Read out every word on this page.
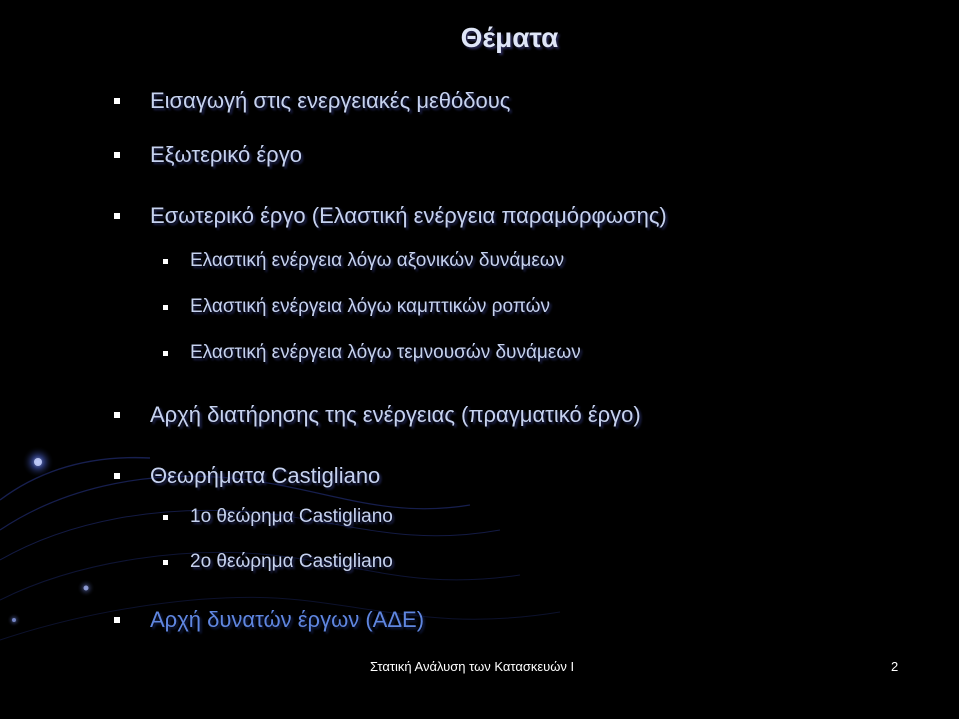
Θέματα
Εισαγωγή στις ενεργειακές μεθόδους
Εξωτερικό έργο
Εσωτερικό έργο (Ελαστική ενέργεια παραμόρφωσης)
Ελαστική ενέργεια λόγω αξονικών δυνάμεων
Ελαστική ενέργεια λόγω καμπτικών ροπών
Ελαστική ενέργεια λόγω τεμνουσών δυνάμεων
Αρχή διατήρησης της ενέργειας (πραγματικό έργο)
Θεωρήματα Castigliano
1o θεώρημα Castigliano
2o θεώρημα Castigliano
Αρχή δυνατών έργων (ΑΔΕ)
Στατική Ανάλυση των Κατασκευών Ι	2
